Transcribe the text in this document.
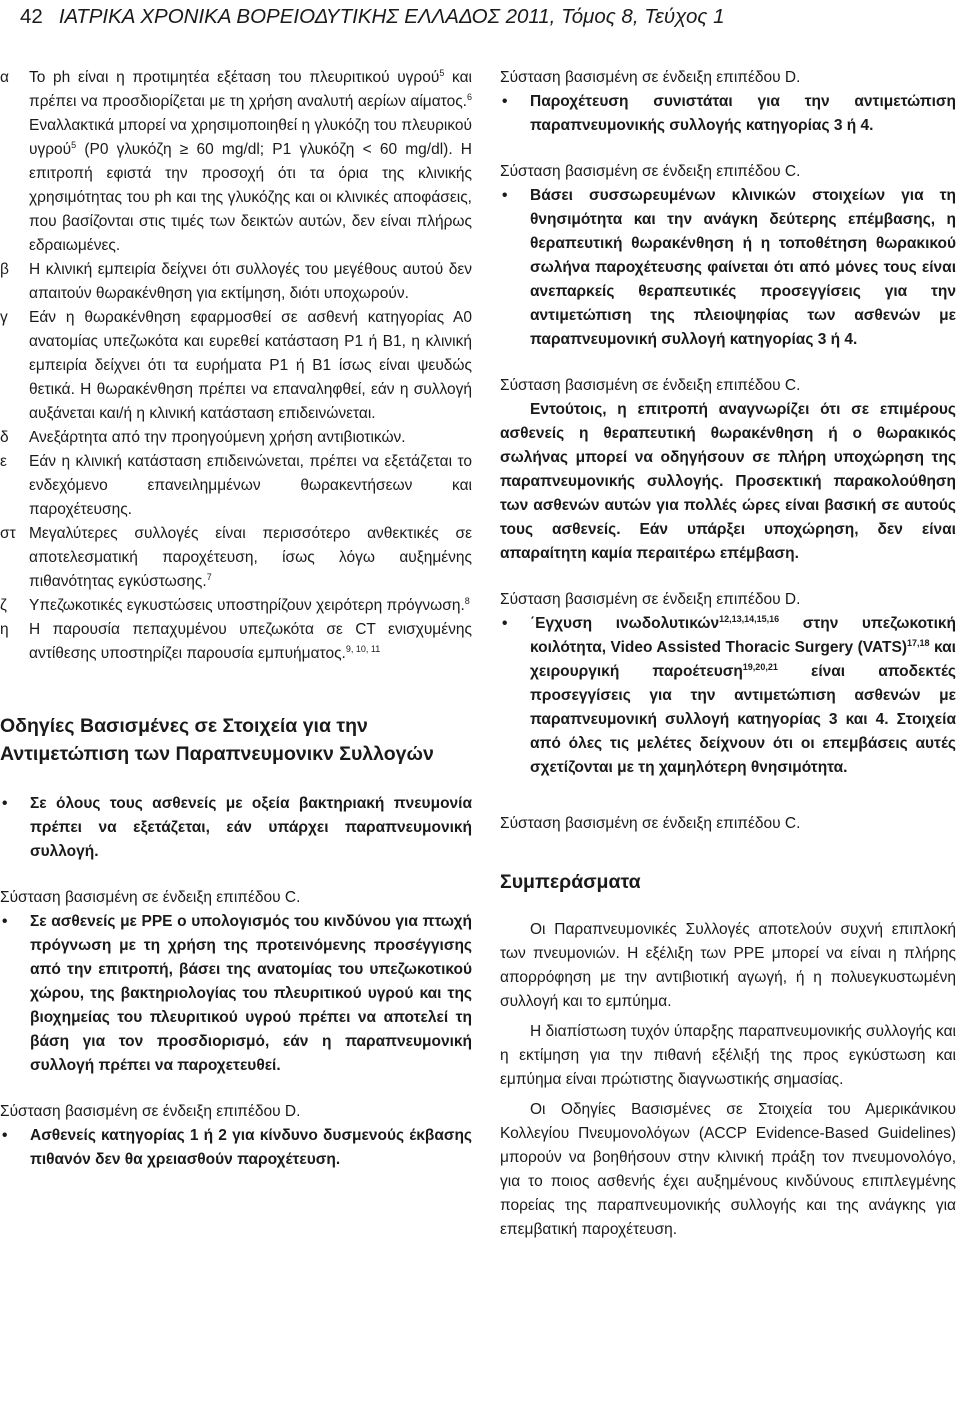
42 ΙΑΤΡΙΚΑ ΧΡΟΝΙΚΑ ΒΟΡΕΙΟΔΥΤΙΚΗΣ ΕΛΛΑΔΟΣ 2011, Τόμος 8, Τεύχος 1
α Το ph είναι η προτιμητέα εξέταση του πλευριτικού υγρού$^5$ και πρέπει να προσδιορίζεται με τη χρήση αναλυτή αερίων αίματος.$^6$ Εναλλακτικά μπορεί να χρησιμοποιηθεί η γλυκόζη του πλευρικού υγρού$^5$ (P0 γλυκόζη ≥ 60 mg/dl; P1 γλυκόζη < 60 mg/dl). Η επιτροπή εφιστά την προσοχή ότι τα όρια της κλινικής χρησιμότητας του ph και της γλυκόζης και οι κλινικές αποφάσεις, που βασίζονται στις τιμές των δεικτών αυτών, δεν είναι πλήρως εδραιωμένες.

β Η κλινική εμπειρία δείχνει ότι συλλογές του μεγέθους αυτού δεν απαιτούν θωρακένθηση για εκτίμηση, διότι υποχωρούν.

γ Εάν η θωρακένθηση εφαρμοσθεί σε ασθενή κατηγορίας Α0 ανατομίας υπεζωκότα και ευρεθεί κατάσταση P1 ή B1, η κλινική εμπειρία δείχνει ότι τα ευρήματα P1 ή B1 ίσως είναι ψευδώς θετικά. Η θωρακένθηση πρέπει να επαναληφθεί, εάν η συλλογή αυξάνεται και/ή η κλινική κατάσταση επιδεινώνεται.

δ Ανεξάρτητα από την προηγούμενη χρήση αντιβιοτικών.

ε Εάν η κλινική κατάσταση επιδεινώνεται, πρέπει να εξετάζεται το ενδεχόμενο επανειλημμένων θωρακεντήσεων και παροχέτευσης.

στ Μεγαλύτερες συλλογές είναι περισσότερο ανθεκτικές σε αποτελεσματική παροχέτευση, ίσως λόγω αυξημένης πιθανότητας εγκύστωσης.$^7$

ζ Υπεζωκοτικές εγκυστώσεις υποστηρίζουν χειρότερη πρόγνωση.$^8$

η Η παρουσία πεπαχυμένου υπεζωκότα σε CT ενισχυμένης αντίθεσης υποστηρίζει παρουσία εμπυήματος.$^{9, 10, 11}$

Οδηγίες Βασισμένες σε Στοιχεία για την Αντιμετώπιση των Παραπνευμονικν Συλλογών
• Σε όλους τους ασθενείς με οξεία βακτηριακή πνευμονία πρέπει να εξετάζεται, εάν υπάρχει παραπνευμονική συλλογή.

Σύσταση βασισμένη σε ένδειξη επιπέδου C.

• Σε ασθενείς με PPE ο υπολογισμός του κινδύνου για πτωχή πρόγνωση με τη χρήση της προτεινόμενης προσέγγισης από την επιτροπή, βάσει της ανατομίας του υπεζωκοτικού χώρου, της βακτηριολογίας του πλευριτικού υγρού και της βιοχημείας του πλευριτικού υγρού πρέπει να αποτελεί τη βάση για τον προσδιορισμό, εάν η παραπνευμονική συλλογή πρέπει να παροχετευθεί.

Σύσταση βασισμένη σε ένδειξη επιπέδου D.

• Ασθενείς κατηγορίας 1 ή 2 για κίνδυνο δυσμενούς έκβασης πιθανόν δεν θα χρειασθούν παροχέτευση.

Σύσταση βασισμένη σε ένδειξη επιπέδου D.

• Παροχέτευση συνιστάται για την αντιμετώπιση παραπνευμονικής συλλογής κατηγορίας 3 ή 4.

Σύσταση βασισμένη σε ένδειξη επιπέδου C.

• Βάσει συσσωρευμένων κλινικών στοιχείων για τη θνησιμότητα και την ανάγκη δεύτερης επέμβασης, η θεραπευτική θωρακένθηση ή η τοποθέτηση θωρακικού σωλήνα παροχέτευσης φαίνεται ότι από μόνες τους είναι ανεπαρκείς θεραπευτικές προσεγγίσεις για την αντιμετώπιση της πλειοψηφίας των ασθενών με παραπνευμονική συλλογή κατηγορίας 3 ή 4.

Σύσταση βασισμένη σε ένδειξη επιπέδου C.

Εντούτοις, η επιτροπή αναγνωρίζει ότι σε επιμέρους ασθενείς η θεραπευτική θωρακένθηση ή ο θωρακικός σωλήνας μπορεί να οδηγήσουν σε πλήρη υποχώρηση της παραπνευμονικής συλλογής. Προσεκτική παρακολούθηση των ασθενών αυτών για πολλές ώρες είναι βασική σε αυτούς τους ασθενείς. Εάν υπάρξει υποχώρηση, δεν είναι απαραίτητη καμία περαιτέρω επέμβαση.

Σύσταση βασισμένη σε ένδειξη επιπέδου D.

• ΄Εγχυση ινωδολυτικών$^{12,13,14,15,16}$ στην υπεζωκοτική κοιλότητα, Video Assisted Thoracic Surgery (VATS)$^{17,18}$ και χειρουργική παροέτευση$^{19,20,21}$ είναι αποδεκτές προσεγγίσεις για την αντιμετώπιση ασθενών με παραπνευμονική συλλογή κατηγορίας 3 και 4. Στοιχεία από όλες τις μελέτες δείχνουν ότι οι επεμβάσεις αυτές σχετίζονται με τη χαμηλότερη θνησιμότητα.

Σύσταση βασισμένη σε ένδειξη επιπέδου C.

Συμπεράσματα

Οι Παραπνευμονικές Συλλογές αποτελούν συχνή επιπλοκή των πνευμονιών. Η εξέλιξη των PPE μπορεί να είναι η πλήρης απορρόφηση με την αντιβιοτική αγωγή, ή η πολυεγκυστωμένη συλλογή και το εμπύημα.

Η διαπίστωση τυχόν ύπαρξης παραπνευμονικής συλλογής και η εκτίμηση για την πιθανή εξέλιξή της προς εγκύστωση και εμπύημα είναι πρώτιστης διαγνωστικής σημασίας.

Οι Οδηγίες Βασισμένες σε Στοιχεία του Αμερικάνικου Κολλεγίου Πνευμονολόγων (ACCP Evidence-Based Guidelines) μπορούν να βοηθήσουν στην κλινική πράξη τον πνευμονολόγο, για το ποιος ασθενής έχει αυξημένους κινδύνους επιπλεγμένης πορείας της παραπνευμονικής συλλογής και της ανάγκης για επεμβατική παροχέτευση.
